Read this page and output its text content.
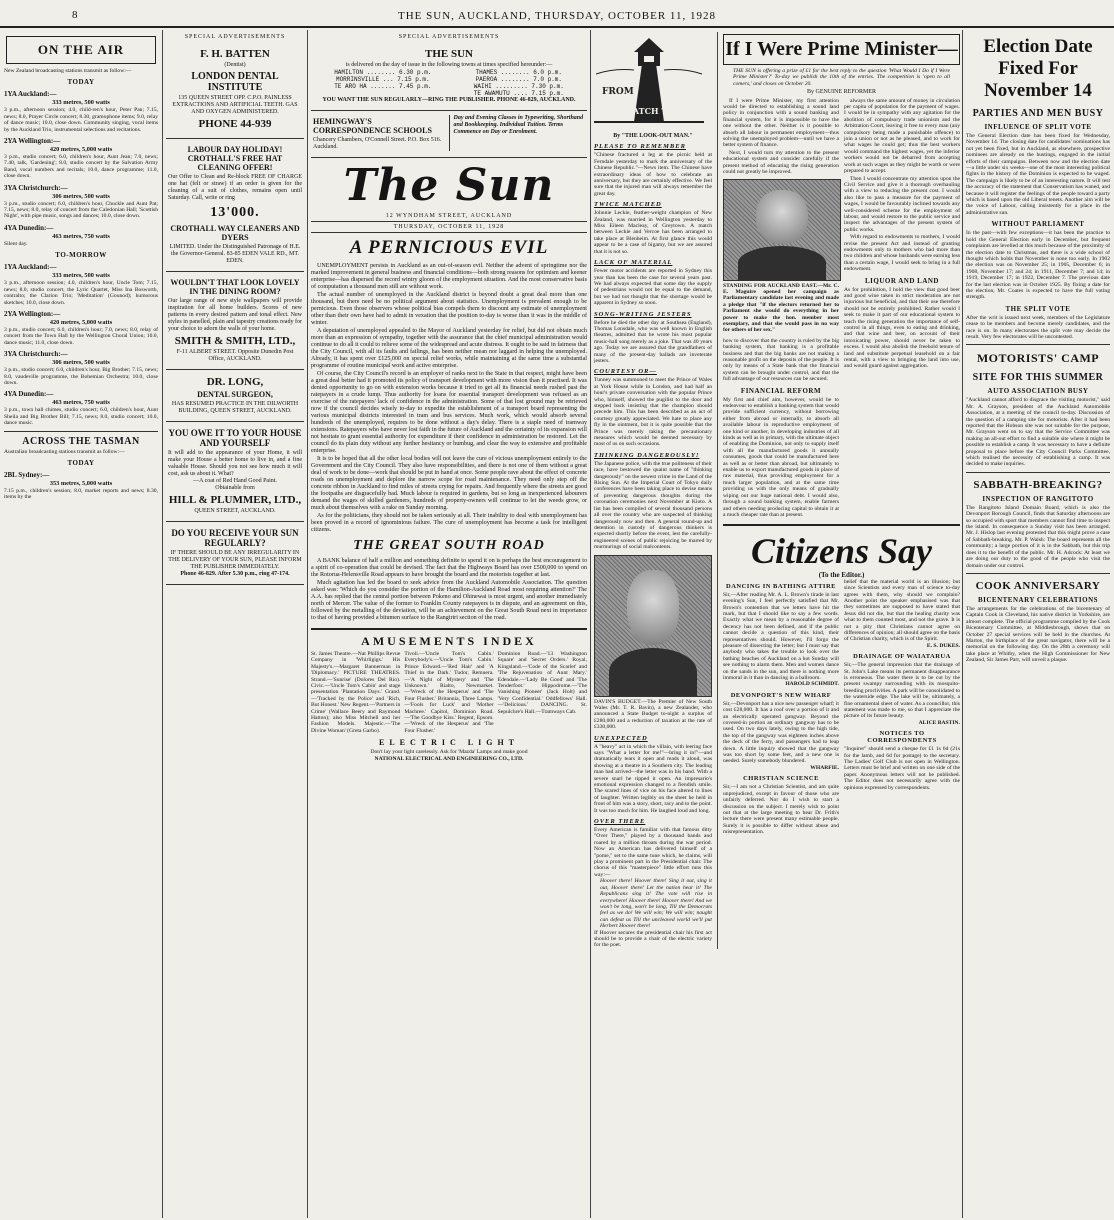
8	THE SUN, AUCKLAND, THURSDAY, OCTOBER 11, 1928
ON THE AIR
New Zealand broadcasting stations transmit as follow:—
TODAY
1YA Auckland:—
333 metres, 500 watts
3 p.m., afternoon session; 4.0, child-ren's hour, Peter Pan; 7.15, news; 8.0, Prayer Circle concert; 8.30, gramophone items; 9.0, relay of dance music; 10.0, close down. Community singing, vocal items by the Auckland Trio, instrumental selections and recitations.
2YA Wellington:—
420 metres, 5,000 watts
3 p.m., studio concert; 6.0, children's hour, Aunt Jean; 7.0, news; 7.40, talk, 'Gardening'; 8.0, studio concert by the Salvation Army Band, vocal numbers and recitals; 10.0, dance programme; 11.0, close down.
3YA Christchurch:—
306 metres, 500 watts
3 p.m., studio concert; 6.0, children's hour, Chuckle and Aunt Pat; 7.15, news; 8.0, relay of concert from the Caledonian Hall; 'Scottish Night', with pipe music, songs and dances; 10.0, close down.
4YA Dunedin:—
463 metres, 750 watts
Silent day.
TO-MORROW
1YA Auckland:—
333 metres, 500 watts
3 p.m., afternoon session; 4.0, children's hour, Uncle Tom; 7.15, news; 8.0, studio concert, the Lyric Quartet, Miss Ina Bosworth, contralto; the Clarion Trio; 'Meditation' (Gounod); humorous sketches; 10.0, close down.
2YA Wellington:—
420 metres, 5,000 watts
3 p.m., studio concert; 6.0, children's hour; 7.0, news; 8.0, relay of concert from the Town Hall by the Wellington Choral Union; 10.0, dance music; 11.0, close down.
3YA Christchurch:—
306 metres, 500 watts
3 p.m., studio concert; 6.0, children's hour, Big Brother; 7.15, news; 8.0, vaudeville programme, the Bohemian Orchestra; 10.0, close down.
4YA Dunedin:—
463 metres, 750 watts
3 p.m., town hall chimes, studio concert; 6.0, children's hour, Aunt Sheila and Big Brother Bill; 7.15, news; 8.0, studio concert; 10.0, dance music.
ACROSS THE TASMAN
Australian broadcasting stations transmit as follow:—
TODAY
2BL Sydney:—
353 metres, 5,000 watts
7.15 p.m., children's session; 8.0, market reports and news; 8.30, items by the
SPECIAL ADVERTISEMENTS
F. H. BATTEN
(Dentist)
LONDON DENTAL INSTITUTE
135 QUEEN STREET OPP. C.P.O. PAINLESS EXTRACTIONS AND ARTIFICIAL TEETH. GAS AND OXYGEN ADMINISTERED.
PHONE 44-939
LABOUR DAY HOLIDAY! CROTHALL'S FREE HAT CLEANING OFFER!
Our Offer to Clean and Re-block FREE OF CHARGE one hat (felt or straw) if an order is given for the cleaning of a suit of clothes, remains open until Saturday. Call, write or ring
13'000.
CROTHALL WAY CLEANERS AND DYERS
LIMITED. Under the Distinguished Patronage of H.E. the Governor-General. 83-85 EDEN VALE RD., MT. EDEN.
WOULDN'T THAT LOOK LOVELY IN THE DINING ROOM?
Our large range of new style wallpapers will provide inspiration for all home builders. Scores of new patterns in every desired pattern and tonal effect. New styles in panelled, plain and tapestry creations ready for your choice to adorn the walls of your home.
SMITH & SMITH, LTD.,
F-11 ALBERT STREET. Opposite Dunedin Post Office, AUCKLAND.
DR. LONG,
DENTAL SURGEON,
HAS RESUMED PRACTICE IN THE DILWORTH BUILDING, QUEEN STREET, AUCKLAND.
YOU OWE IT TO YOUR HOUSE AND YOURSELF
It will add to the appearance of your Home, it will make your House a better home to live in, and a fine valuable House. Should you not see how much it will cost, ask us about it. What?
—A coat of Red Hand Good Paint.
Obtainable from
HILL & PLUMMER, LTD.,
QUEEN STREET, AUCKLAND.
DO YOU RECEIVE YOUR SUN REGULARLY?
IF THERE SHOULD BE ANY IRREGULARITY IN THE DELIVERY OF YOUR SUN, PLEASE INFORM THE PUBLISHER IMMEDIATELY.
Phone 46-829. After 5.30 p.m., ring 47-174.
SPECIAL ADVERTISEMENTS
THE SUN
is delivered on the day of issue in the following towns at times specified hereunder:—
HAMILTON ........ 6.30 p.m.
MORRINSVILLE ... 7.15 p.m.
TE ARO HA ....... 7.45 p.m.
THAMES ........ 6.0 p.m.
PAEROA ........ 7.0 p.m.
WAIHI ......... 7.30 p.m.
TE AWAMUTU .... 7.15 p.m.
YOU WANT THE SUN REGULARLY—RING THE PUBLISHER. PHONE 46-829, AUCKLAND.
HEMINGWAY'S CORRESPONDENCE SCHOOLS
Chancery Chambers, O'Connell Street. P.O. Box 516. Auckland.
Day and Evening Classes in Typewriting, Shorthand and Bookkeeping. Individual Tuition. Terms Commence on Day or Enrolment.
The Sun
12 WYNDHAM STREET, AUCKLAND
THURSDAY, OCTOBER 11, 1928
A PERNICIOUS EVIL

UNEMPLOYMENT persists in Auckland as an out-of-season evil. Neither the advent of springtime nor the marked improvement in general business and financial conditions—both strong reasons for optimism and keener enterprise—has dispersed the record wintry gloom of the employment situation. And the most conservative basis of computation a thousand men still are without work.

The actual number of unemployed in the Auckland district is beyond doubt a great deal more than one thousand, but there need be no political argument about statistics. Unemployment is prevalent enough to be pernicious. Even those observers whose political bias compels them to discount any estimate of unemployment other than their own have had to admit in vexation that the position to-day is worse than it was in the middle of winter.

A deputation of unemployed appealed to the Mayor of Auckland yesterday for relief, but did not obtain much more than an expression of sympathy, together with the assurance that the chief municipal administration would continue to do all it could to relieve some of the widespread and acute distress. It ought to be said in fairness that the City Council, with all its faults and failings, has been neither mean nor laggard in helping the unemployed. Already, it has spent over £125,000 on special relief works, while maintaining at the same time a substantial programme of routine municipal work and active enterprise.

Of course, the City Council's record is an employer of ranks next to the State in that respect, might have been a great deal better had it promoted its policy of transport development with more vision than it practised. It was denied opportunity to go on with extension works because it tried to get all its financial needs rushed past the ratepayers in a crude lump. Thus authority for loans for essential transport development was refused as an exercise of the ratepayers' lack of confidence in the administration. Some of that lost ground may be retrieved now if the council decides wisely to-day to expedite the establishment of a transport board representing the various municipal districts interested in tram and bus services. Much work, which would absorb several hundreds of the unemployed, requires to be done without a day's delay. There is a staple need of tramway extensions. Ratepayers who have never lost faith in the future of Auckland and the certainty of its expansion will not hesitate to grant essential authority for expenditure if their confidence in administration be restored. Let the council do its plain duty without any further hesitancy or humbug, and clear the way to extensive and profitable enterprise.

It is to be hoped that all the other local bodies will not leave the cure of vicious unemployment entirely to the Government and the City Council. They also have responsibilities, and there is not one of them without a great deal of work to be done—work that should be put in hand at once. Some people rave about the effect of concrete roads on unemployment and deplore the narrow scope for road maintenance. They need only step off the concrete ribbon in Auckland to find miles of streets crying for repairs. And frequently where the streets are good the footpaths are disgracefully bad. Much labour is required in gardens, but so long as inexperienced labourers demand the wages of skilled gardeners, hundreds of property-owners will continue to let the weeds grow, or much about themselves with a rake on Sunday morning.

As for the politicians, they should not be taken seriously at all. Their inability to deal with unemployment has been proved in a record of ignominious failure. The cure of unemployment has become a task for intelligent citizens.

THE GREAT SOUTH ROAD

A BANK balance of half a million and something definite to spend it on is perhaps the best encouragement to a spirit of co-operation that could be devised. The fact that the Highways Board has over £500,000 to spend on the Rotorua-Helensville Road appears to have brought the board and the motorists together at last.

Much agitation has led the board to seek advice from the Auckland Automobile Association. The question asked was: 'Which do you consider the portion of the Hamilton-Auckland Road most requiring attention?' The A.A. has replied that the central portion between Pokeno and Ohinewai is most urgent, and another immediately north of Mercer. The value of the former to Franklin County ratepayers is in dispute, and an agreement on this, followed by the metalling of the deviation, will be an achievement on the Great South Road next in importance to that of having provided a bitumen surface to the Rangiriri section of the road.

AMUSEMENTS INDEX
St. James Theatre.—Nat Phillips Revue Company in 'Whirligigs.' His Majesty's.—Margaret Bannerman in 'Diplomacy.' PICTURE THEATRES. Strand.—'Sunrise' (Dolores Del Rio). Civic.—'Uncle Tom's Cabin' and stage presentation 'Plantation Days.' Grand.—'Tracked by the Police' and 'Rich, But Honest.' New Regent.—'Partners in Crime' (Wallace Beery and Raymond Hatton); also Miss Mitchell and her Fashion Models. Majestic.—'The Divine Woman' (Greta Garbo).
Tivoli.—'Uncle Tom's Cabin.' Everybody's.—'Uncle Tom's Cabin.' Prince Edward.—'Red Hair' and 'A Thief in the Dark.' Tudor, Remuera.—'A Night of Mystery' and 'The Unknown.' Rialto, Newmarket.—'Wreck of the Hesperus' and 'The Four Flusher.' Britannia, Three Lamps.—'Fools for Luck' and 'Mother Machree.' Capitol, Dominion Road.—'The Goodbye Kiss.' Regent, Epsom.—'Wreck of the Hesperus' and 'The Four Flusher.'
Dominion Road.—'13 Washington Square' and 'Secret Orders.' Royal, Kingsland.—'Code of the Scarlet' and 'The Rejuvenation of Aunt Mary.' Edendale.—'Lady Be Good' and 'The Tenderfoot.' Hippodrome.—'The Vanishing Pioneer' (Jack Holt) and 'Very Confidential.' Oddfellows' Hall.—'Delicious.' DANCING. St. Sepulchre's Hall.—Tramways Cab.
ELECTRIC LIGHT
Don't lay your light carelessly. Ask for 'Mazda' Lamps and make good
NATIONAL ELECTRICAL AND ENGINEERING CO., LTD.
FROM
THE WATCH TOWER
By "THE LOOK-OUT MAN."
PLEASE TO REMEMBER
"Chinese fractured a leg at the picnic held at Ferndale yesterday to mark the anniversary of the Chinese Republic."—News item. The Chinese have extraordinary ideas of how to celebrate an anniversary, but they are certainly effective. We feel sure that the injured man will always remember the great day.
TWICE MATCHED
Johnnie Leckie, feather-weight champion of New Zealand, was married in Wellington yesterday to Miss Eileen Macleay, of Greytown. A match between Leckie and Vercoe has been arranged to take place at Blenheim. At first glance this would appear to be a case of bigamy, but we are assured that it is not so.
LACK OF MATERIAL
Fewer motor accidents are reported in Sydney this year than has been the case for several years past. We had always expected that some day the supply of pedestrians would not be equal to the demand, but we had not thought that the shortage would be apparent in Sydney so soon.
SONG-WRITING JESTERS
Before he died the other day at Southsea (England), Thomas Lonsdale, who was well known in English theatres, admitted that he wrote his most popular music-hall song merely as a joke. That was 40 years ago. Today we are assured that the grandfathers of many of the present-day ballads are inveterate jesters.
COURTESY OR—
Tunney was summoned to meet the Prince of Wales at York House while in London, and had half an hour's private conversation with the popular Prince who, himself, showed the pugilist to the door and stepped back insisting that the champion should precede him. This has been described as an act of courtesy greatly appreciated. We hate to place any fly in the ointment, but it is quite possible that the Prince was merely taking the precautionary measures which would be deemed necessary by most of us on such occasions.
THINKING DANGEROUSLY!
The Japanese police, with the true politeness of their race, have bestowed the quaint name of "thinking dangerously" on the newest crime in the Land of the Rising Sun. At the Imperial Court of Tokyo daily conferences have been taking place to devise means of preventing dangerous thoughts during the coronation ceremonies next November at Kioto. A list has been compiled of several thousand persons all over the country who are suspected of thinking dangerously now and then. A general round-up and detention in custody of dangerous thinkers is expected shortly before the event, lest the carefully-engineered scenes of public rejoicing be marred by murmurings of social malcontents.
DAVIN'S BUDGET.—The Premier of New South Wales (Mr. T. R. Bavin), a new Zealander, who announced a State Budget to-night a surplus of £280,000 and a reduction of taxation at the rate of £330,000.
UNEXPECTED
A "heavy" act in which the villain, with leering face says "What a letter for me!"—bring it in!"—and dramatically tears it open and reads it aloud, was showing at a theatre in a Southern city. The leading man had arrived—the letter was in his hand. With a severe snarl he ripped it open. An impresario's emotional expression changed to a fiendish smile. The scared lines of vice on his face altered to lines of laughter. Written legibly on the sheet he held in front of him was a story, short, racy and to the point. It was too much for him. He laughed loud and long.
OVER THERE
Every American is familiar with that famous ditty "Over There," played by a thousand bands and roared by a million throats during the war period. Now an American has delivered himself of a "pome," set to the same tune which, he claims, will play a prominent part in the Presidential chair. The chorus of this "masterpiece" little effort runs this way:—
Hoover there! Hoover there! Sing it out, sing it out, Hoover there! Let the nation hear it! The Republicans sing it! The vote will rise in everywhere! Hoover there! Hoover there! And we won't be long, won't be long, Till the Democrats feel as we do! We will win; We will win; naught can defeat us Till the uncleaved world we'll put Herbert Hoover there!
If Hoover secures the presidential chair his first act should be to provide a chair of the electric variety for the poet.
If I Were Prime Minister—
THE SUN is offering a prize of £1 for the best reply to the question 'What Would I Do if I Were Prime Minister?' To-day we publish the 10th of the entries. The competition is 'open to all comers,' and closes on October 20.
By GENUINE REFORMER

If I were Prime Minister, my first attention would be directed to establishing a sound land policy in conjunction with a sound banking and financial system, for it is impossible to have the one without the other. Neither is it possible to absorb all labour in permanent employment—thus solving the unemployed problem—until we have a better system of finance.

Next, I would turn my attention to the present educational system and consider carefully if the present method of educating the rising generation could not greatly be improved.

STANDING FOR AUCKLAND EAST.—Mr. C. E. Maguire opened her campaign as Parliamentary candidate last evening and made a pledge that "if the electors returned her to Parliament she would do everything in her power to make the hon. member most exemplary, and that she would pass in no way for others of her sex."
how to discover that the country is ruled by the big banking system, that banking is a profitable business and that the big banks are not making a reasonable profit on the deposits of the people. It is only by means of a State bank that the financial system can be brought under control, and that the full advantage of our resources can be secured.
FINANCIAL REFORM
My first and chief aim, however, would be to endeavour to establish a banking system that would provide sufficient currency, without borrowing either from abroad or internally, to absorb all available labour in reproductive employment of one kind or another, in developing industries of all kinds as well as in primary, with the ultimate object of enabling the Dominion, not only to supply itself with all the manufactured goods it annually consumes, goods that could be manufactured here as well as or better than abroad, but ultimately to enable us to export manufactured goods in place of raw material, thus providing employment for a much larger population, and at the same time providing us with the only means of gradually wiping out our huge national debt. I would also, through a sound banking system, enable farmers and others needing producing capital to obtain it at a much cheaper rate than at present.

always the same amount of money in circulation per capita of population for the payment of wages. I would be in sympathy with any agitation for the abolition of compulsory trade unionism and the Arbitration Court, leaving it free to every man (any compulsory being made a punishable offence) to join a union or not as he pleased, and to work for what wages he could get; thus the best workers would command the highest wages, yet the inferior workers would not be debarred from accepting work at such wages as they might be worth or were prepared to accept.

Then I would concentrate my attention upon the Civil Service and give it a thorough overhauling with a view to reducing the present cost. I would also like to pass a measure for the payment of wages, I would be favourably inclined towards any well-considered scheme for the employment of labour, and would restore to the public service and inspect the advantages of the present system of public works.

With regard to endowments to mothers, I would revise the present Act and instead of granting endowments only to mothers who had more than two children and whose husbands were earning less than a certain wage, I would seek to bring in a full endowment.

LIQUOR AND LAND
As for prohibition, I hold the view that good beer and good wine taken in strict moderation are not injurious but beneficial, and that their use therefore should not be entirely prohibited. Rather would I seek to make it part of our educational system to teach the rising generation the importance of self-control in all things, even to eating and drinking, and that wine and beer, on account of their intoxicating power, should never be taken to excess. I would also abolish the freehold tenure of land and substitute perpetual leasehold on a fair rental, with a view to bringing the land into use, and would guard against aggregation.
Citizens Say
(To the Editor.)
DANCING IN BATHING ATTIRE
Sir,—After reading Mr. A. L. Brown's tirade in last evening's Sun, I feel perfectly satisfied that Mr. Brown's contention that we letters have hit the mark, but that I should like to say a few words. Exactly what we mean by a reasonable degree of decency has not been defined, and if the public cannot decide a question of this kind, their representatives should. However, I'll forgo the pleasure of dissecting the letter; but I must say that anybody who takes the trouble to look over the bathing beaches of Auckland on a hot Sunday will see nothing to alarm them. Men and women dance on the sands in the sun, and there is nothing more immoral in it than in dancing in a ballroom.
HAROLD SCHMIDT.
DEVONPORT'S NEW WHARF
Sir,—Devonport has a nice new passenger wharf; it cost £28,000. It has a roof over a portion of it and an electrically operated gangway. Beyond the covered-in portion an ordinary gangway has to be used. On two days lately, owing to the high tide, the top of the gangway was eighteen inches above the deck of the ferry, and passengers had to leap down. A little inquiry showed that the gangway was too short by some feet, and a new one is needed. Surely somebody blundered.
WHARFIE.
CHRISTIAN SCIENCE
Sir,—I am not a Christian Scientist, and am quite unprejudiced, except in favour of those who are unfairly deferred. Nor do I wish to start a discussion on the subject. I merely wish to point out that at the large meeting to hear Dr. Frith's lecture there were present many estimable people. Surely it is possible to differ without abuse and misrepresentation.
belief that the material world is an illusion; but since Scientists and every man of science to-day agrees with them, why should we complain? Another point the speaker emphasised was that they sometimes are supposed to have stated that Jesus did not die, but that the healing charity was what to them counted most, and not the grave. It is not a pity that Christians cannot agree on differences of opinion; all should agree on the basis of Christian charity, which is of the Spirit.
E. S. DUKES.
DRAINAGE OF WAIATARUA
Sir,—The general impression that the drainage of St. John's Lake means its permanent disappearance is erroneous. The water there is to be cut by the present swampy surrounding with its mosquito-breeding proclivities. A park will be consolidated to the waterside edge. The lake will be, ultimately, a fine ornamental sheet of water. As a councillor, this statement was made to me, so that I appreciate the picture of its future beauty.
ALICE BASTIN.
NOTICES TO CORRESPONDENTS
"Inquirer" should send a cheque for £1 1s 6d (21s for the lamb, and 6d for postage) to the secretary. The Ladies' Golf Club is not open in Wellington. Letters must be brief and written on one side of the paper. Anonymous letters will not be published. The Editor does not necessarily agree with the opinions expressed by correspondents.
Election Date Fixed For November 14
PARTIES AND MEN BUSY
INFLUENCE OF SPLIT VOTE
The General Election date has been fixed for Wednesday, November 14. The closing date for candidates' nominations has not yet been fixed, but in Auckland, as elsewhere, prospective nominees are already on the hustings, engaged in the initial efforts of their campaigns. Between now and the election date—a little under six weeks—one of the most interesting political fights in the history of the Dominion is expected to be waged. The campaign is likely to be of an interesting nature. It will test the accuracy of the statement that Conservatism has waned, and because it will register the feelings of the people toward a party which is based upon the old Liberal tenets. Another aim will be the voice of Labour, calling insistently for a place in the administrative sun.
WITHOUT PARLIAMENT
In the past—with few exceptions—it has been the practice to hold the General Election early in December, but frequent complaints are levelled at this much because of the proximity of the election date to Christmas, and there is a wide school of thought which holds that November is none too early. In 1902 the election was on November 25; in 1905, December 6; in 1908, November 17; and 24; in 1911, December 7; and 14; in 1919, December 17; in 1922, December 7. The previous date for the last election was in October 1925. By fixing a date for the election, Mr. Coates is expected to have the full voting strength.
THE SPLIT VOTE
After the writ is issued next week, members of the Legislature cease to be members and become merely candidates, and the race is on. In many electorates the split vote may decide the result. Very few electorates will be uncontested.
MOTORISTS' CAMP
SITE FOR THIS SUMMER
AUTO ASSOCIATION BUSY
"Auckland cannot afford to disgrace the visiting motorist," said Mr. A. Grayson, president of the Auckland Automobile Association, at a meeting of the council to-day. Discussion of the question of a camping site for motorists. After it had been reported that the Hobson site was not suitable for the purpose, Mr. Grayson went on to say that the Service Committee was making an all-out effort to find a suitable site where it might be possible to establish a camp. It was necessary to have a definite proposal to place before the City Council Parks Committee, which realised the necessity of establishing a camp. It was decided to make inquiries.
SABBATH-BREAKING?
INSPECTION OF RANGITOTO
The Rangitoto Island Domain Board, which is also the Devonport Borough Council, finds that Saturday afternoons are so occupied with sport that members cannot find time to inspect the island. In consequence a Sunday visit has been arranged. Mr. J. Hislop last evening protested that this might prove a case of Sabbath-breaking. Mr. P. Walsh: The board represents all the community; a large portion of it is in the Sabbath, but this trip does it to the benefit of the public. Mr. H. Adcock: At least we are doing our duty to the good of the people who visit the domain under our control.
COOK ANNIVERSARY
BICENTENARY CELEBRATIONS
The arrangements for the celebrations of the bicentenary of Captain Cook in Cleveland, his native district in Yorkshire, are almost complete. The official programme compiled by the Cook Bicentenary Committee, at Middlesbrough, shows that on October 27 special services will be held in the churches. At Marton, the birthplace of the great navigator, there will be a memorial on the following day. On the 28th a ceremony will take place at Whitby, when the High Commissioner for New Zealand, Sir James Parr, will unveil a plaque.
